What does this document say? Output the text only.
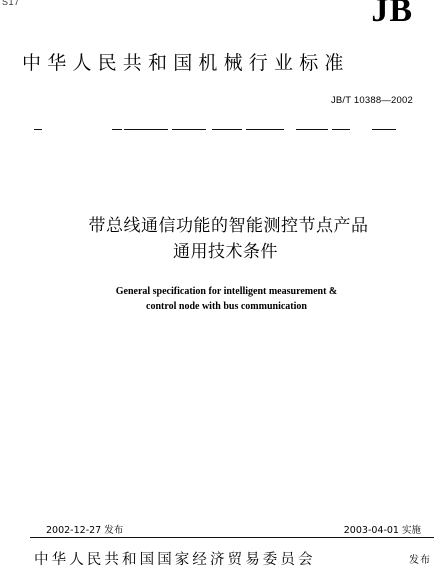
S17	JB
中华人民共和国机械行业标准
JB/T 10388—2002
带总线通信功能的智能测控节点产品
通用技术条件
General specification for intelligent measurement &
control node with bus communication
2002-12-27 发布	2003-04-01 实施
中华人民共和国国家经济贸易委员会	发布
